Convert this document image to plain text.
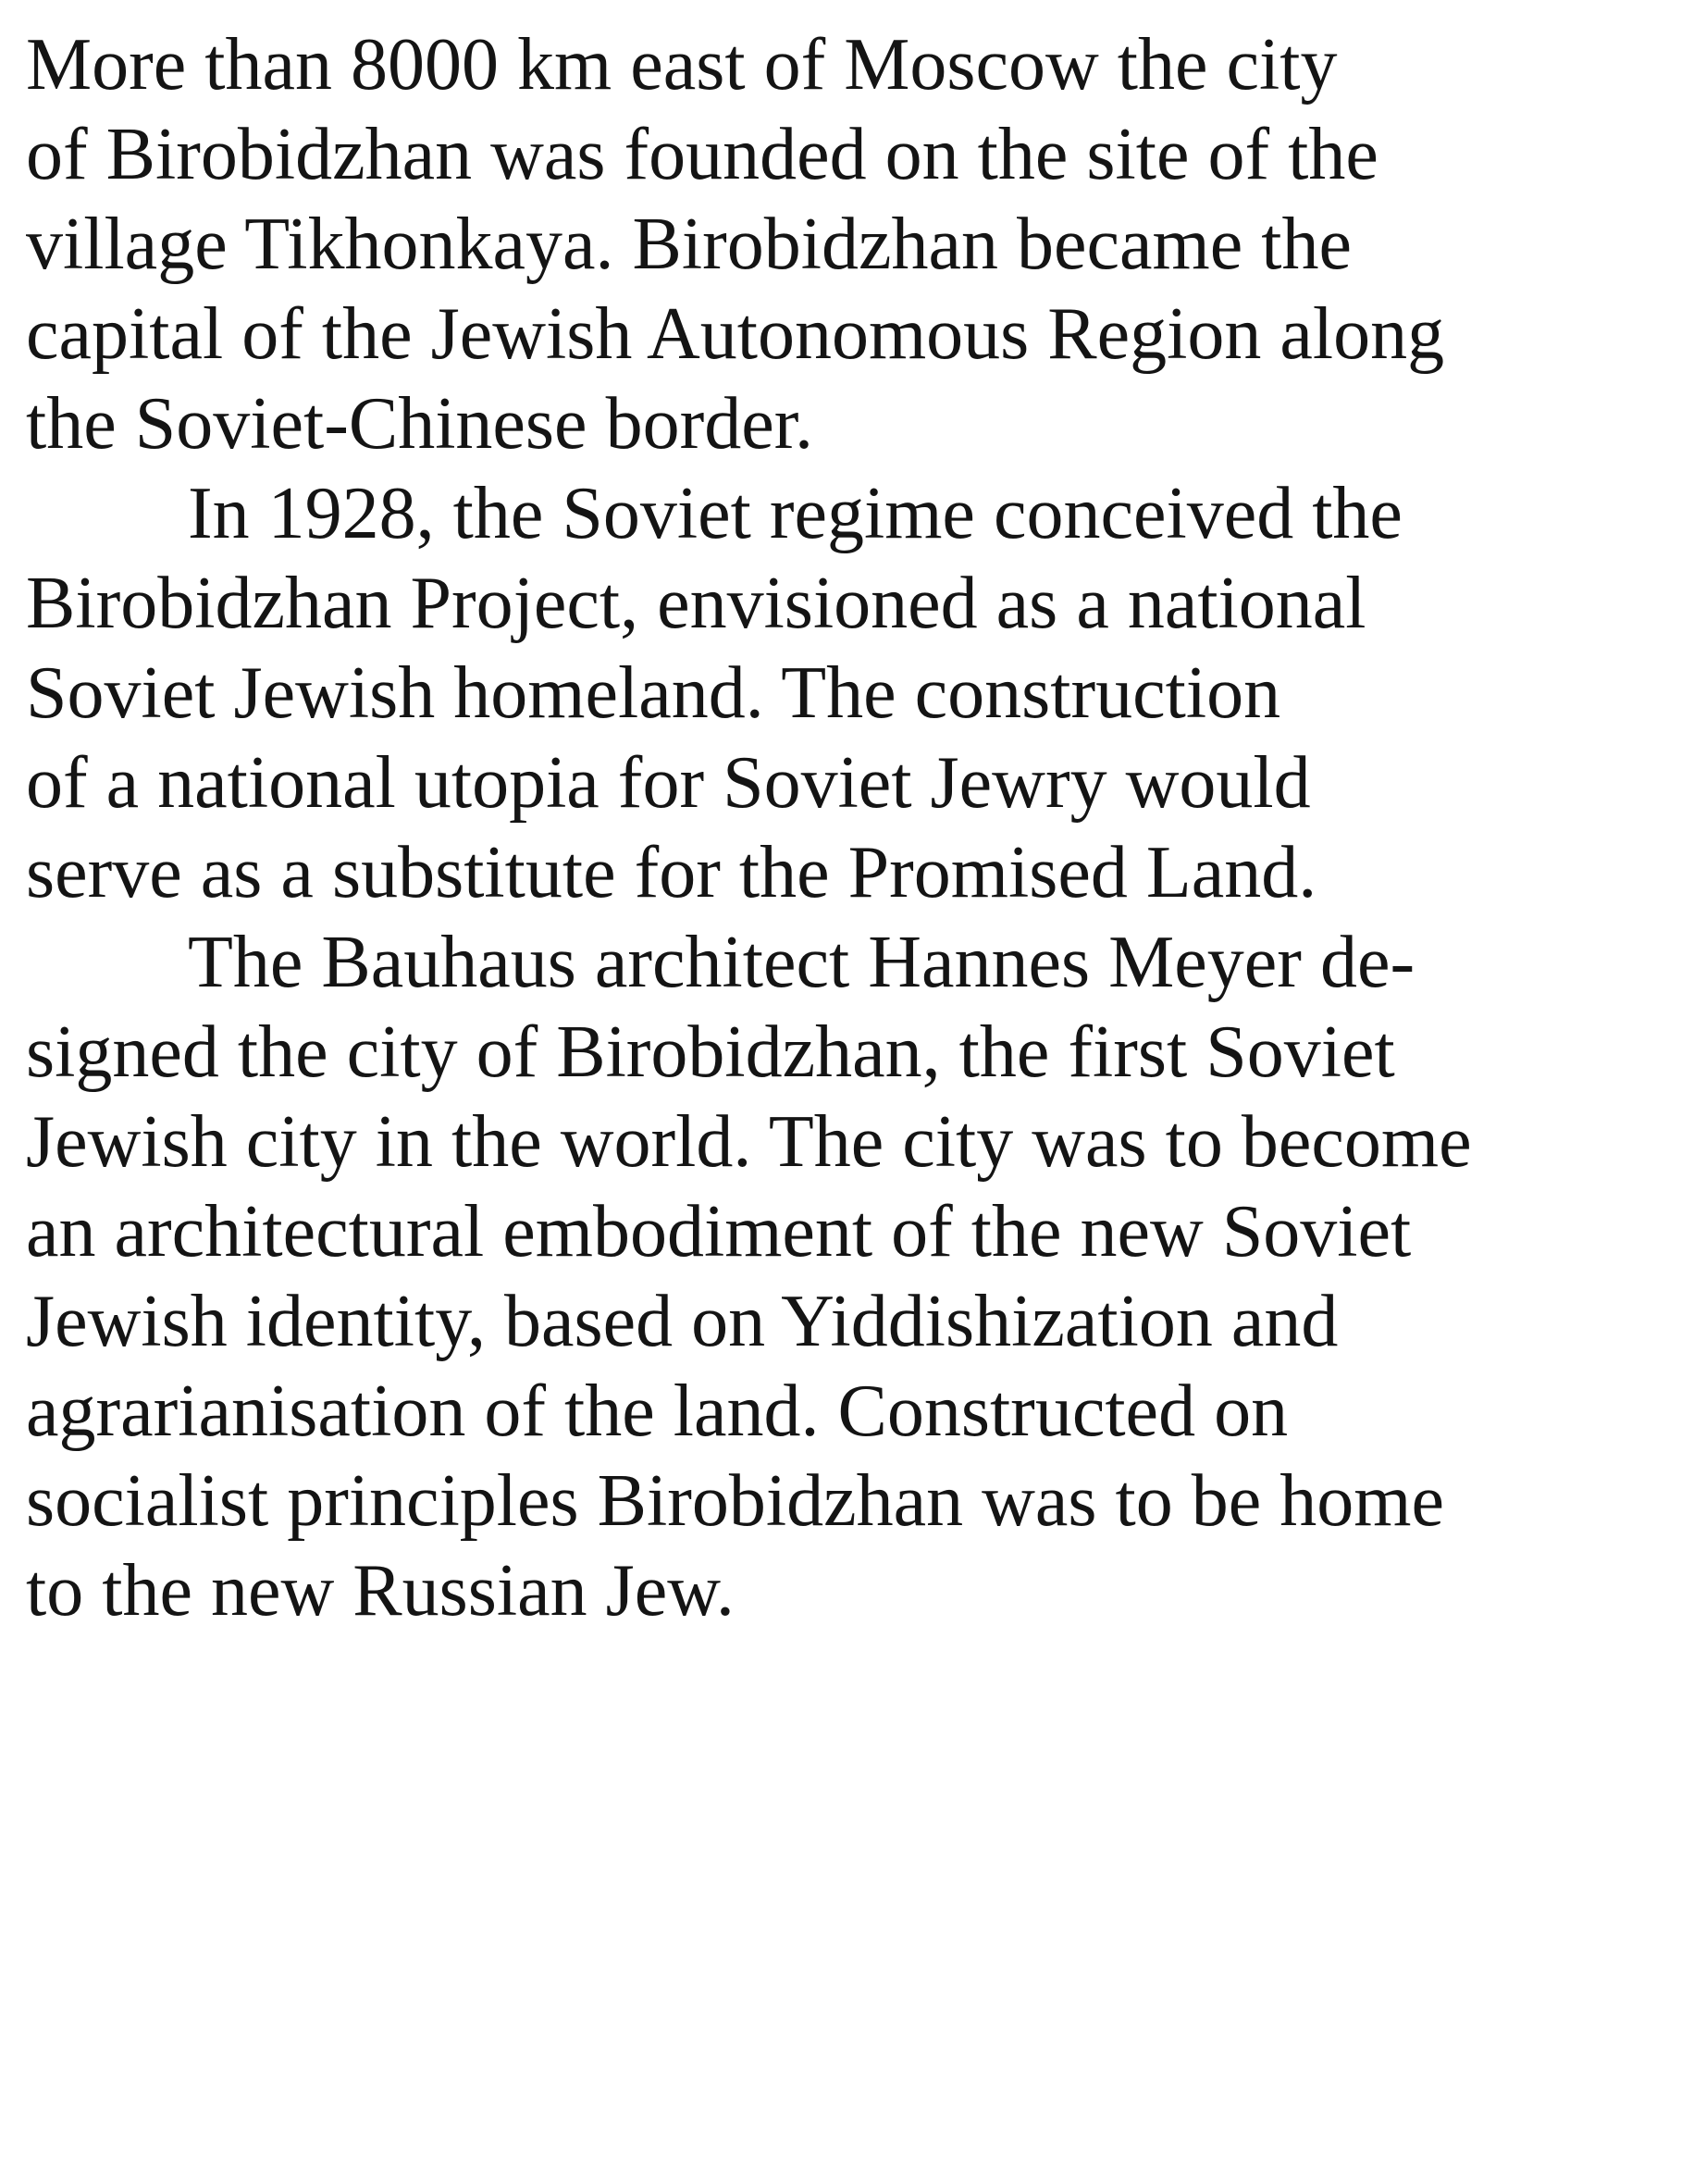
More than 8000 km east of Moscow the city
of Birobidzhan was founded on the site of the
village Tikhonkaya. Birobidzhan became the
capital of the Jewish Autonomous Region along
the Soviet-Chinese border.
In 1928, the Soviet regime conceived the
Birobidzhan Project, envisioned as a national
Soviet Jewish homeland. The construction
of a national utopia for Soviet Jewry would
serve as a substitute for the Promised Land.
The Bauhaus architect Hannes Meyer de-
signed the city of Birobidzhan, the first Soviet
Jewish city in the world. The city was to become
an architectural embodiment of the new Soviet
Jewish identity, based on Yiddishization and
agrarianisation of the land. Constructed on
socialist principles Birobidzhan was to be home
to the new Russian Jew.
